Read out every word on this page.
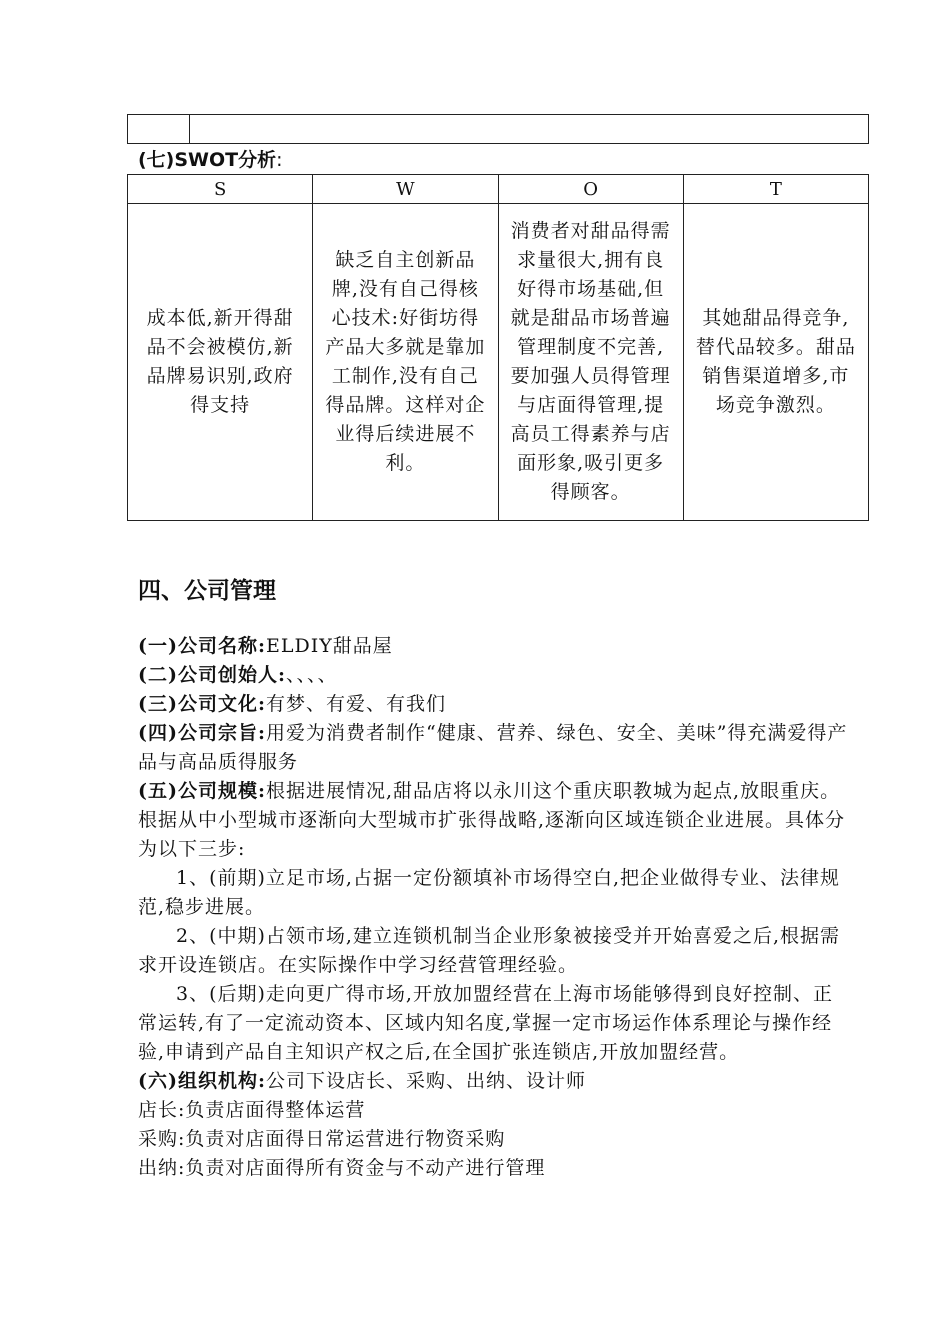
(七)SWOT分析:
S	W	O	T
成本低,新开得甜品不会被模仿,新品牌易识别,政府得支持	缺乏自主创新品牌,没有自己得核心技术:好街坊得产品大多就是靠加工制作,没有自己得品牌。这样对企业得后续进展不利。	消费者对甜品得需求量很大,拥有良好得市场基础,但就是甜品市场普遍管理制度不完善,要加强人员得管理与店面得管理,提高员工得素养与店面形象,吸引更多得顾客。	其她甜品得竞争,替代品较多。甜品销售渠道增多,市场竞争激烈。
四、公司管理

(一)公司名称:ELDIY甜品屋

(二)公司创始人:、、、、

(三)公司文化:有梦、有爱、有我们

(四)公司宗旨:用爱为消费者制作“健康、营养、绿色、安全、美味”得充满爱得产品与高品质得服务

(五)公司规模:根据进展情况,甜品店将以永川这个重庆职教城为起点,放眼重庆。根据从中小型城市逐渐向大型城市扩张得战略,逐渐向区域连锁企业进展。具体分为以下三步:

1、(前期)立足市场,占据一定份额填补市场得空白,把企业做得专业、法律规范,稳步进展。

2、(中期)占领市场,建立连锁机制当企业形象被接受并开始喜爱之后,根据需求开设连锁店。在实际操作中学习经营管理经验。

3、(后期)走向更广得市场,开放加盟经营在上海市场能够得到良好控制、正常运转,有了一定流动资本、区域内知名度,掌握一定市场运作体系理论与操作经验,申请到产品自主知识产权之后,在全国扩张连锁店,开放加盟经营。

(六)组织机构:公司下设店长、采购、出纳、设计师

店长:负责店面得整体运营

采购:负责对店面得日常运营进行物资采购

出纳:负责对店面得所有资金与不动产进行管理
